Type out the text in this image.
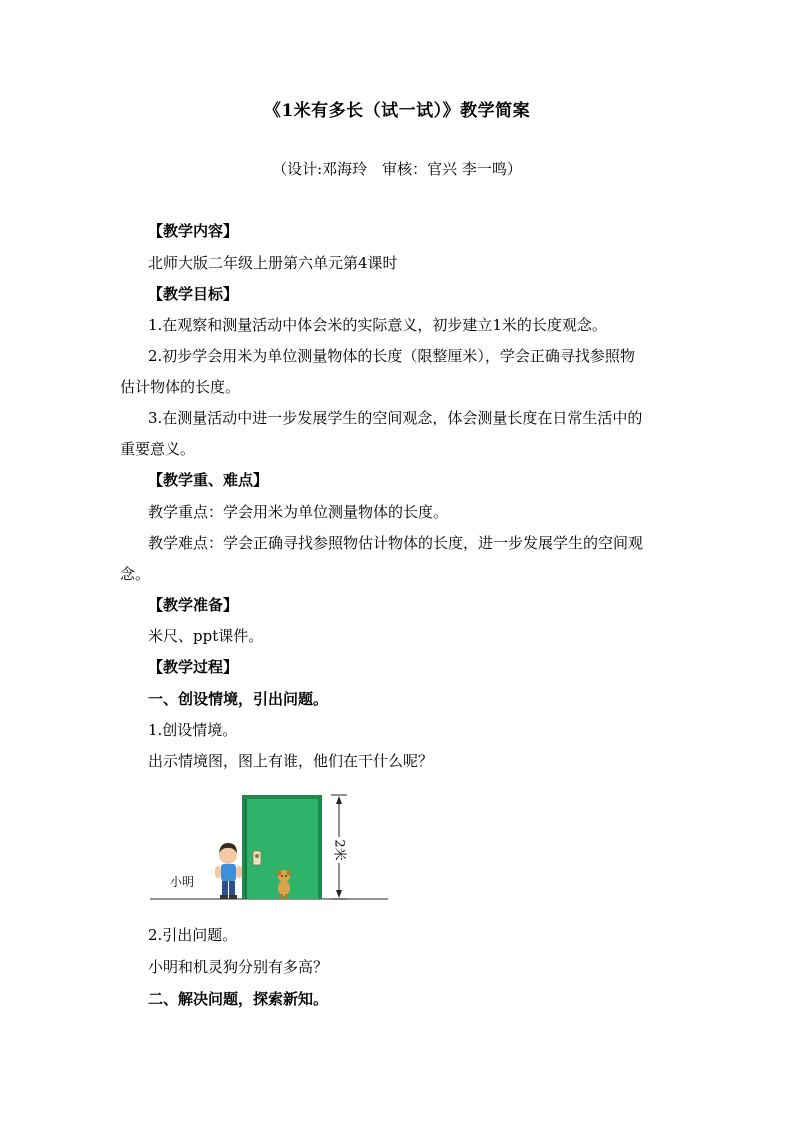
《1米有多长（试一试）》教学简案
（设计:邓海玲　审核：官兴 李一鸣）
【教学内容】
北师大版二年级上册第六单元第4课时
【教学目标】
1.在观察和测量活动中体会米的实际意义，初步建立1米的长度观念。
2.初步学会用米为单位测量物体的长度（限整厘米），学会正确寻找参照物
估计物体的长度。
3.在测量活动中进一步发展学生的空间观念，体会测量长度在日常生活中的
重要意义。
【教学重、难点】
教学重点：学会用米为单位测量物体的长度。
教学难点：学会正确寻找参照物估计物体的长度，进一步发展学生的空间观
念。
【教学准备】
米尺、ppt课件。
【教学过程】
一、创设情境，引出问题。
1.创设情境。
出示情境图，图上有谁，他们在干什么呢？
2米
小明
2.引出问题。
小明和机灵狗分别有多高？
二、解决问题，探索新知。
